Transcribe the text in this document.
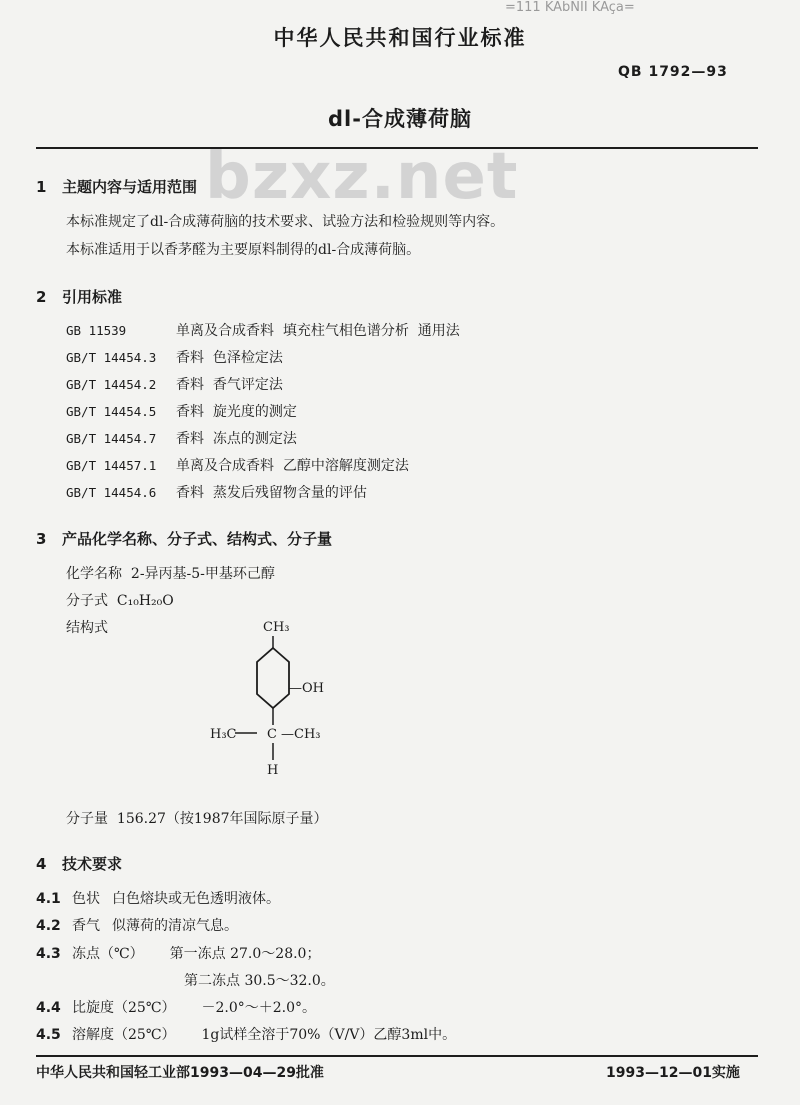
=111 KAbNII KAça=
中华人民共和国行业标准
QB 1792—93
dl-合成薄荷脑
bzxz.net
1 主题内容与适用范围
本标准规定了dl-合成薄荷脑的技术要求、试验方法和检验规则等内容。
本标准适用于以香茅醛为主要原料制得的dl-合成薄荷脑。
2 引用标准
GB 11539	单离及合成香料  填充柱气相色谱分析  通用法
GB/T 14454.3 香料  色泽检定法
GB/T 14454.2 香料  香气评定法
GB/T 14454.5 香料  旋光度的测定
GB/T 14454.7 香料  冻点的测定法
GB/T 14457.1 单离及合成香料  乙醇中溶解度测定法
GB/T 14454.6 香料  蒸发后残留物含量的评估
3 产品化学名称、分子式、结构式、分子量
化学名称 2-异丙基-5-甲基环己醇
分子式 C₁₀H₂₀O
结构式	CH₃
—OH
H₃C C —CH₃
H
分子量 156.27（按1987年国际原子量）
4 技术要求
4.1 色状 白色熔块或无色透明液体。
4.2 香气 似薄荷的清凉气息。
4.3 冻点（℃） 第一冻点 27.0～28.0；
第二冻点 30.5～32.0。
4.4 比旋度（25℃） －2.0°～＋2.0°。
4.5 溶解度（25℃） 1g试样全溶于70%（V/V）乙醇3ml中。
中华人民共和国轻工业部1993—04—29批准	1993—12—01实施
